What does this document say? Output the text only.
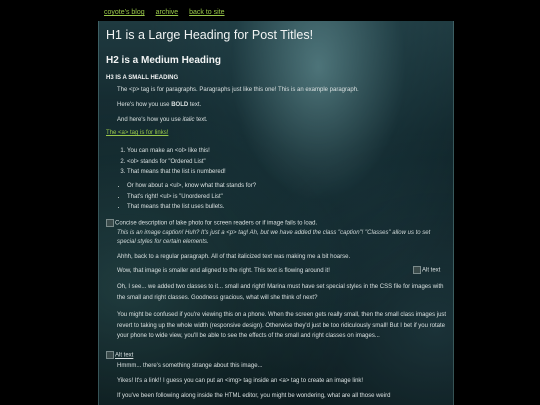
coyote's blog archive back to site
H1 is a Large Heading for Post Titles!
H2 is a Medium Heading
H3 IS A SMALL HEADING
The <p> tag is for paragraphs. Paragraphs just like this one! This is an example paragraph.
Here's how you use BOLD text.
And here's how you use italic text.
The <a> tag is for links!
1. You can make an <ol> like this!
2. <ol> stands for "Ordered List"
3. That means that the list is numbered!
• Or how about a <ul>, know what that stands for?
• That's right! <ul> is "Unordered List"
• That means that the list uses bullets.
Concise description of lake photo for screen readers or if image fails to load.
This is an image caption! Huh? It's just a <p> tag! Ah, but we have added the class "caption"! "Classes" allow us to set special styles for certain elements.
Ahhh, back to a regular paragraph. All of that italicized text was making me a bit hoarse.
Wow, that image is smaller and aligned to the right. This text is flowing around it!	Alt text
Oh, I see... we added two classes to it... small and right! Marina must have set special styles in the CSS file for images with the small and right classes. Goodness gracious, what will she think of next?
You might be confused if you're viewing this on a phone. When the screen gets really small, then the small class images just revert to taking up the whole width (responsive design). Otherwise they'd just be too ridiculously small! But I bet if you rotate your phone to wide view, you'll be able to see the effects of the small and right classes on images...
Alt text
Hmmm... there's something strange about this image...
Yikes! It's a link!! I guess you can put an <img> tag inside an <a> tag to create an image link!
If you've been following along inside the HTML editor, you might be wondering, what are all those weird
